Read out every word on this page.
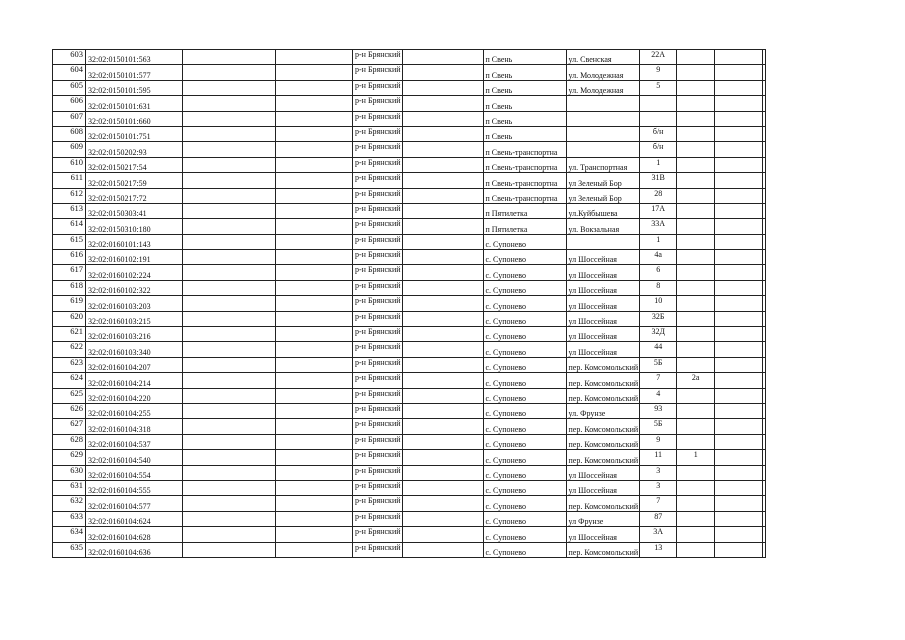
603	32:02:0150101:563			р-н Брянский		п Свень	ул. Свенская	22А			
604	32:02:0150101:577			р-н Брянский		п Свень	ул. Молодежная	9			
605	32:02:0150101:595			р-н Брянский		п Свень	ул. Молодежная	5			
606	32:02:0150101:631			р-н Брянский		п Свень					
607	32:02:0150101:660			р-н Брянский		п Свень					
608	32:02:0150101:751			р-н Брянский		п Свень		б/н			
609	32:02:0150202:93			р-н Брянский		п Свень-транспортна		б/н			
610	32:02:0150217:54			р-н Брянский		п Свень-транспортна	ул. Транспортная	1			
611	32:02:0150217:59			р-н Брянский		п Свень-транспортна	ул Зеленый Бор	31В			
612	32:02:0150217:72			р-н Брянский		п Свень-транспортна	ул Зеленый Бор	28			
613	32:02:0150303:41			р-н Брянский		п Пятилетка	ул.Куйбышева	17А			
614	32:02:0150310:180			р-н Брянский		п Пятилетка	ул. Вокзальная	33А			
615	32:02:0160101:143			р-н Брянский		с. Супонево		1			
616	32:02:0160102:191			р-н Брянский		с. Супонево	ул Шоссейная	4а			
617	32:02:0160102:224			р-н Брянский		с. Супонево	ул Шоссейная	6			
618	32:02:0160102:322			р-н Брянский		с. Супонево	ул Шоссейная	8			
619	32:02:0160103:203			р-н Брянский		с. Супонево	ул Шоссейная	10			
620	32:02:0160103:215			р-н Брянский		с. Супонево	ул Шоссейная	32Б			
621	32:02:0160103:216			р-н Брянский		с. Супонево	ул Шоссейная	32Д			
622	32:02:0160103:340			р-н Брянский		с. Супонево	ул Шоссейная	44			
623	32:02:0160104:207			р-н Брянский		с. Супонево	пер. Комсомольский	5Б			
624	32:02:0160104:214			р-н Брянский		с. Супонево	пер. Комсомольский	7	2а		
625	32:02:0160104:220			р-н Брянский		с. Супонево	пер. Комсомольский	4			
626	32:02:0160104:255			р-н Брянский		с. Супонево	ул. Фрунзе	93			
627	32:02:0160104:318			р-н Брянский		с. Супонево	пер. Комсомольский	5Б			
628	32:02:0160104:537			р-н Брянский		с. Супонево	пер. Комсомольский	9			
629	32:02:0160104:540			р-н Брянский		с. Супонево	пер. Комсомольский	11	1		
630	32:02:0160104:554			р-н Брянский		с. Супонево	ул Шоссейная	3			
631	32:02:0160104:555			р-н Брянский		с. Супонево	ул Шоссейная	3			
632	32:02:0160104:577			р-н Брянский		с. Супонево	пер. Комсомольский	7			
633	32:02:0160104:624			р-н Брянский		с. Супонево	ул Фрунзе	87			
634	32:02:0160104:628			р-н Брянский		с. Супонево	ул Шоссейная	3А			
635	32:02:0160104:636			р-н Брянский		с. Супонево	пер. Комсомольский	13			
